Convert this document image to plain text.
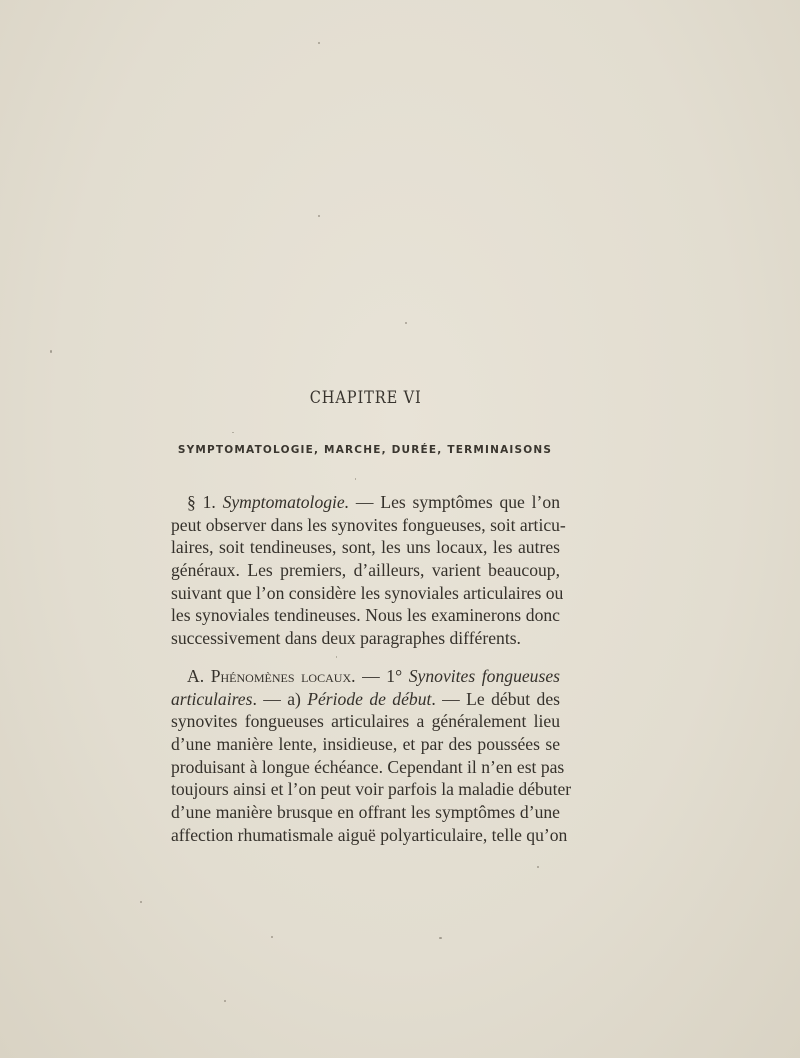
CHAPITRE VI
SYMPTOMATOLOGIE, MARCHE, DURÉE, TERMINAISONS
§ 1. Symptomatologie. — Les symptômes que l’on
peut observer dans les synovites fongueuses, soit articu-
laires, soit tendineuses, sont, les uns locaux, les autres
généraux. Les premiers, d’ailleurs, varient beaucoup,
suivant que l’on considère les synoviales articulaires ou
les synoviales tendineuses. Nous les examinerons donc
successivement dans deux paragraphes différents.
A. Phénomènes locaux. — 1° Synovites fongueuses
articulaires. — a) Période de début. — Le début des
synovites fongueuses articulaires a généralement lieu
d’une manière lente, insidieuse, et par des poussées se
produisant à longue échéance. Cependant il n’en est pas
toujours ainsi et l’on peut voir parfois la maladie débuter
d’une manière brusque en offrant les symptômes d’une
affection rhumatismale aiguë polyarticulaire, telle qu’on
